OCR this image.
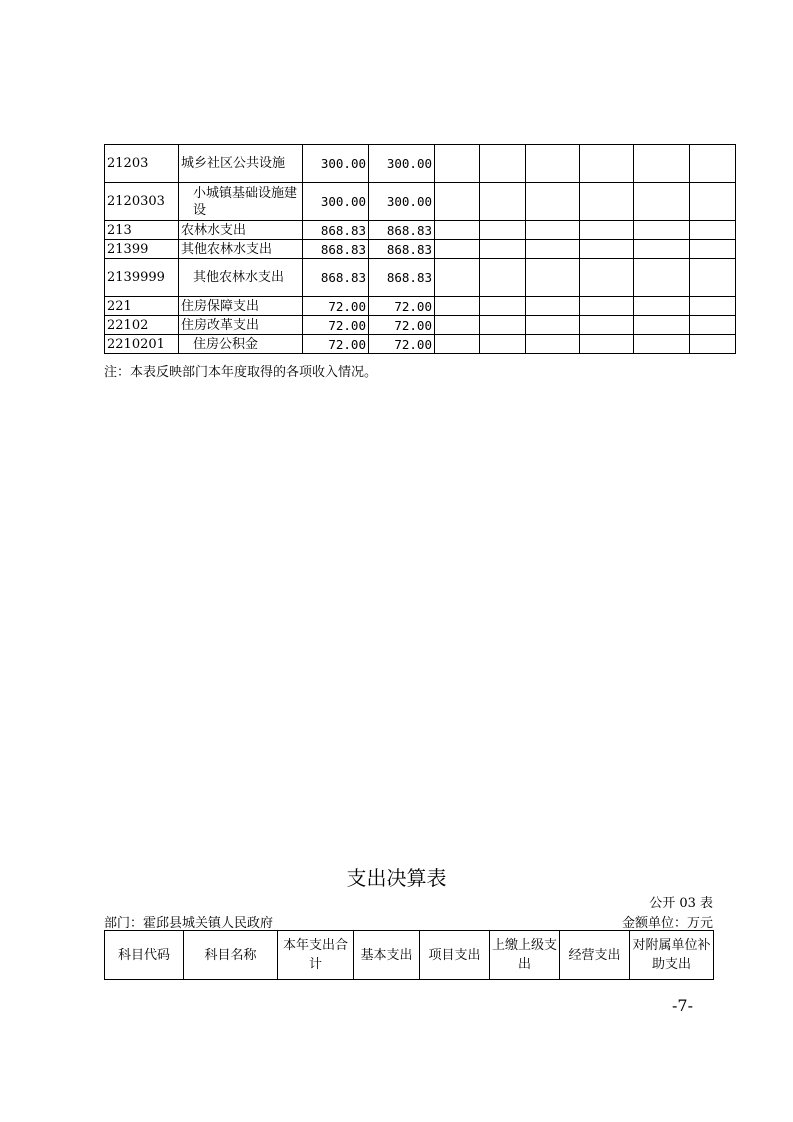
21203	城乡社区公共设施	300.00	300.00						
2120303	小城镇基础设施建设	300.00	300.00						
213	农林水支出	868.83	868.83						
21399	其他农林水支出	868.83	868.83						
2139999	其他农林水支出	868.83	868.83						
221	住房保障支出	72.00	72.00						
22102	住房改革支出	72.00	72.00						
2210201	住房公积金	72.00	72.00						
注：本表反映部门本年度取得的各项收入情况。
支出决算表
公开 03 表
部门：霍邱县城关镇人民政府	金额单位：万元
科目代码	科目名称	本年支出合计	基本支出	项目支出	上缴上级支出	经营支出	对附属单位补助支出
-7-
